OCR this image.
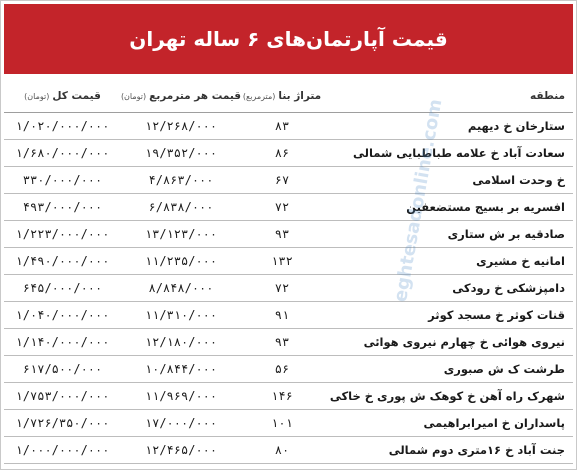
قیمت آپارتمان‌های ۶ ساله تهران
منطقه
متراژ بنا
(مترمربع)
قیمت هر مترمربع
(تومان)
قیمت کل
(تومان)
ستارخان خ دیهیم
۸۳
۱۲/۲۶۸/۰۰۰
۱/۰۲۰/۰۰۰/۰۰۰
سعادت آباد خ علامه طباطبایی شمالی
۸۶
۱۹/۳۵۲/۰۰۰
۱/۶۸۰/۰۰۰/۰۰۰
خ وحدت اسلامی
۶۷
۴/۸۶۳/۰۰۰
۳۳۰/۰۰۰/۰۰۰
افسریه بر بسیج مستضعفین
۷۲
۶/۸۳۸/۰۰۰
۴۹۳/۰۰۰/۰۰۰
صادقیه بر ش ستاری
۹۳
۱۳/۱۲۳/۰۰۰
۱/۲۲۳/۰۰۰/۰۰۰
امانیه خ مشیری
۱۳۲
۱۱/۲۳۵/۰۰۰
۱/۴۹۰/۰۰۰/۰۰۰
دامپزشکی خ رودکی
۷۲
۸/۸۴۸/۰۰۰
۶۴۵/۰۰۰/۰۰۰
قنات کوثر خ مسجد کوثر
۹۱
۱۱/۳۱۰/۰۰۰
۱/۰۴۰/۰۰۰/۰۰۰
نیروی هوائی خ چهارم نیروی هوائی
۹۳
۱۲/۱۸۰/۰۰۰
۱/۱۴۰/۰۰۰/۰۰۰
طرشت ک ش صبوری
۵۶
۱۰/۸۴۴/۰۰۰
۶۱۷/۵۰۰/۰۰۰
شهرک راه آهن خ کوهک ش پوری خ خاکی
۱۴۶
۱۱/۹۶۹/۰۰۰
۱/۷۵۳/۰۰۰/۰۰۰
پاسداران خ امیرابراهیمی
۱۰۱
۱۷/۰۰۰/۰۰۰
۱/۷۲۶/۳۵۰/۰۰۰
جنت آباد خ ۱۶متری دوم شمالی
۸۰
۱۲/۴۶۵/۰۰۰
۱/۰۰۰/۰۰۰/۰۰۰
eghtesadonline.com
